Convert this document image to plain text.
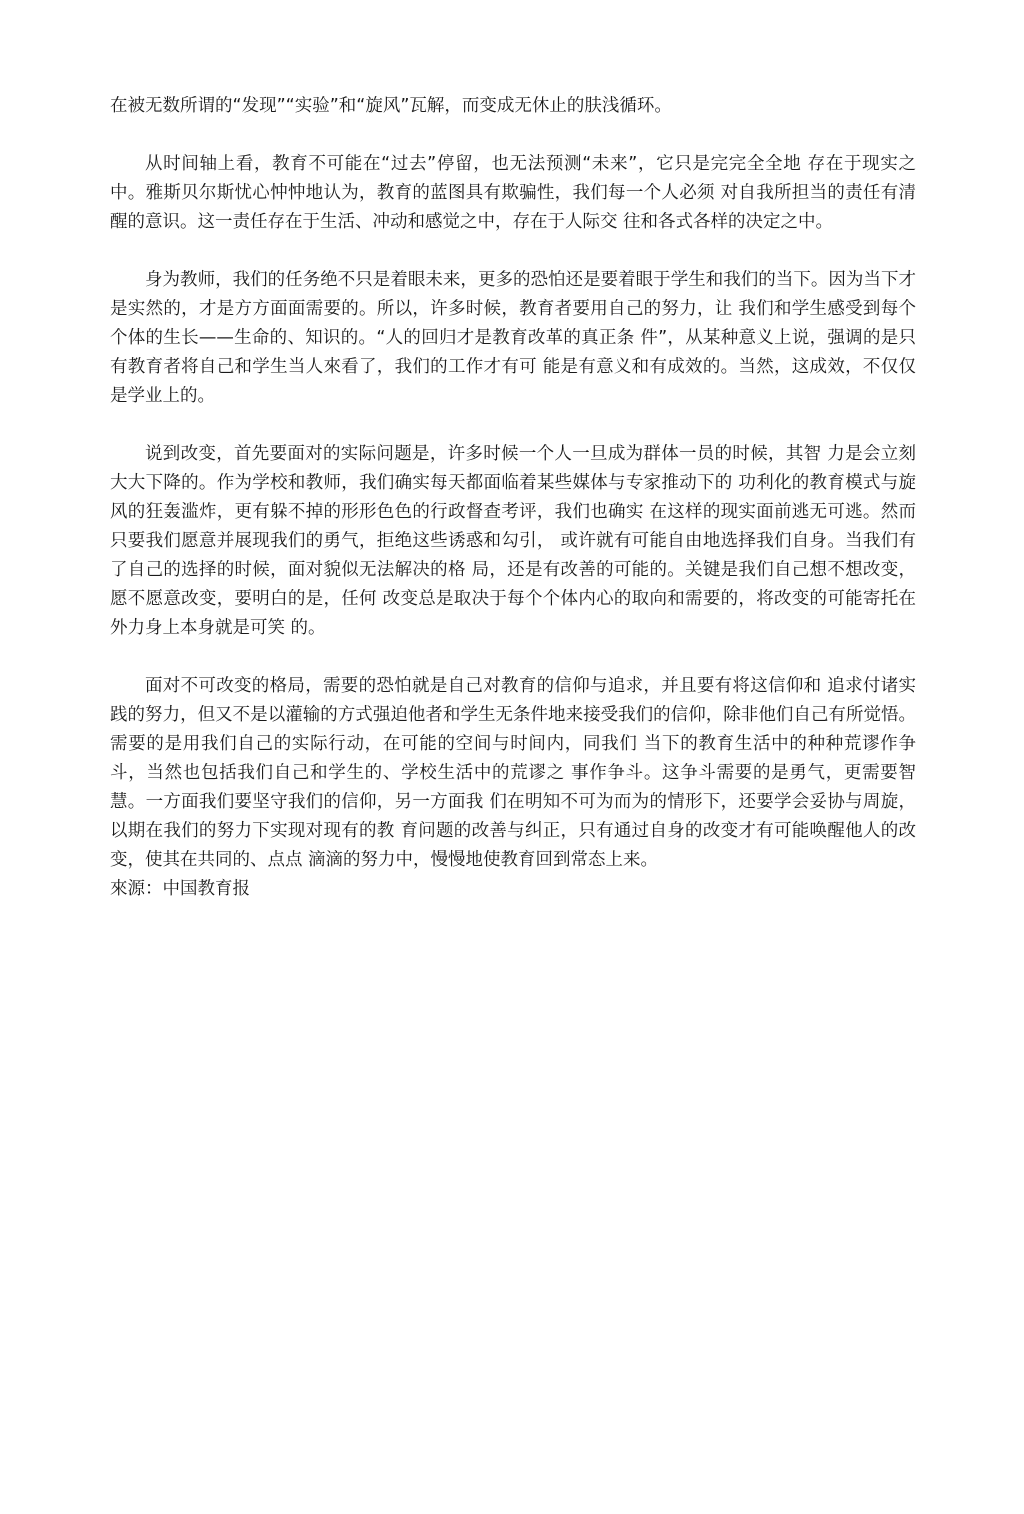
在被无数所谓的“发现”“实验”和“旋风”瓦解，而变成无休止的肤浅循环。

从时间轴上看，教育不可能在“过去”停留，也无法预测“未来”，它只是完完全全地 存在于现实之中。雅斯贝尔斯忧心忡忡地认为，教育的蓝图具有欺骗性，我们每一个人必须 对自我所担当的责任有清醒的意识。这一责任存在于生活、冲动和感觉之中，存在于人际交 往和各式各样的决定之中。

身为教师，我们的任务绝不只是着眼未来，更多的恐怕还是要着眼于学生和我们的当下。因为当下才是实然的，才是方方面面需要的。所以，许多时候，教育者要用自己的努力，让 我们和学生感受到每个个体的生长——生命的、知识的。“人的回归才是教育改革的真正条 件”，从某种意义上说，强调的是只有教育者将自己和学生当人來看了，我们的工作才有可 能是有意义和有成效的。当然，这成效，不仅仅是学业上的。

说到改变，首先要面对的实际问题是，许多时候一个人一旦成为群体一员的时候，其智 力是会立刻大大下降的。作为学校和教师，我们确实每天都面临着某些媒体与专家推动下的 功利化的教育模式与旋风的狂轰滥炸，更有躲不掉的形形色色的行政督查考评，我们也确实 在这样的现实面前逃无可逃。然而只要我们愿意并展现我们的勇气，拒绝这些诱惑和勾引， 或许就有可能自由地选择我们自身。当我们有了自己的选择的时候，面对貌似无法解决的格 局，还是有改善的可能的。关键是我们自己想不想改变，愿不愿意改变，要明白的是，任何 改变总是取决于每个个体内心的取向和需要的，将改变的可能寄托在外力身上本身就是可笑 的。

面对不可改变的格局，需要的恐怕就是自己对教育的信仰与追求，并且要有将这信仰和 追求付诸实践的努力，但又不是以灌输的方式强迫他者和学生无条件地来接受我们的信仰，除非他们自己有所觉悟。需要的是用我们自己的实际行动，在可能的空间与时间内，同我们 当下的教育生活中的种种荒谬作争斗，当然也包括我们自己和学生的、学校生活中的荒谬之 事作争斗。这争斗需要的是勇气，更需要智慧。一方面我们要坚守我们的信仰，另一方面我 们在明知不可为而为的情形下，还要学会妥协与周旋，以期在我们的努力下实现对现有的教 育问题的改善与纠正，只有通过自身的改变才有可能唤醒他人的改变，使其在共同的、点点 滴滴的努力中，慢慢地使教育回到常态上来。

來源：中国教育报
